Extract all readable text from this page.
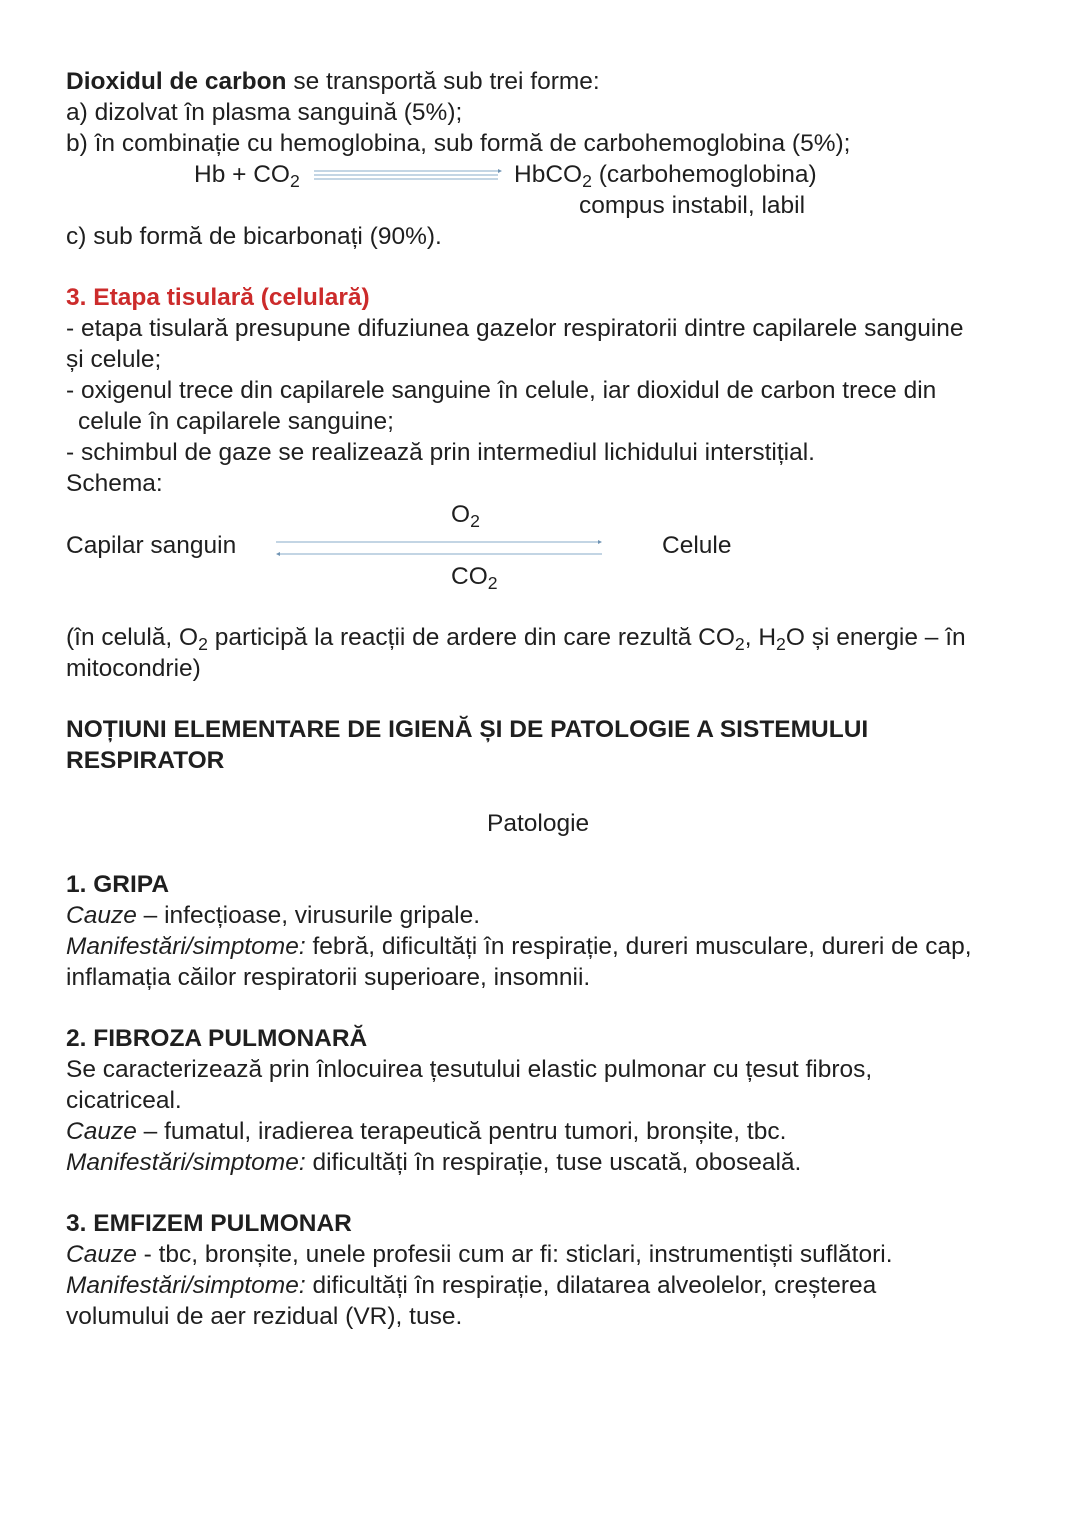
Dioxidul de carbon se transportă sub trei forme:
a) dizolvat în plasma sanguină (5%);
b) în combinație cu hemoglobina, sub formă de carbohemoglobina (5%);
$Hb + CO_2$	HbCO$_2$ (carbohemoglobina)
compus instabil, labil
c) sub formă de bicarbonați (90%).
3. Etapa tisulară (celulară)
- etapa tisulară presupune difuziunea gazelor respiratorii dintre capilarele sanguine
și celule;
- oxigenul trece din capilarele sanguine în celule, iar dioxidul de carbon trece din
celule în capilarele sanguine;
- schimbul de gaze se realizează prin intermediul lichidului interstițial.
Schema:
$O_2$
Capilar sanguin	Celule
$CO_2$
(în celulă, $O_2$ participă la reacții de ardere din care rezultă $CO_2$, $H_2O$ și energie – în
mitocondrie)
NOȚIUNI ELEMENTARE DE IGIENĂ ȘI DE PATOLOGIE A SISTEMULUI
RESPIRATOR
Patologie
1. GRIPA
Cauze – infecțioase, virusurile gripale.
Manifestări/simptome: febră, dificultăți în respirație, dureri musculare, dureri de cap,
inflamația căilor respiratorii superioare, insomnii.
2. FIBROZA PULMONARĂ
Se caracterizează prin înlocuirea țesutului elastic pulmonar cu țesut fibros,
cicatriceal.
Cauze – fumatul, iradierea terapeutică pentru tumori, bronșite, tbc.
Manifestări/simptome: dificultăți în respirație, tuse uscată, oboseală.
3. EMFIZEM PULMONAR
Cauze - tbc, bronșite, unele profesii cum ar fi: sticlari, instrumentiști suflători.
Manifestări/simptome: dificultăți în respirație, dilatarea alveolelor, creșterea
volumului de aer rezidual (VR), tuse.
